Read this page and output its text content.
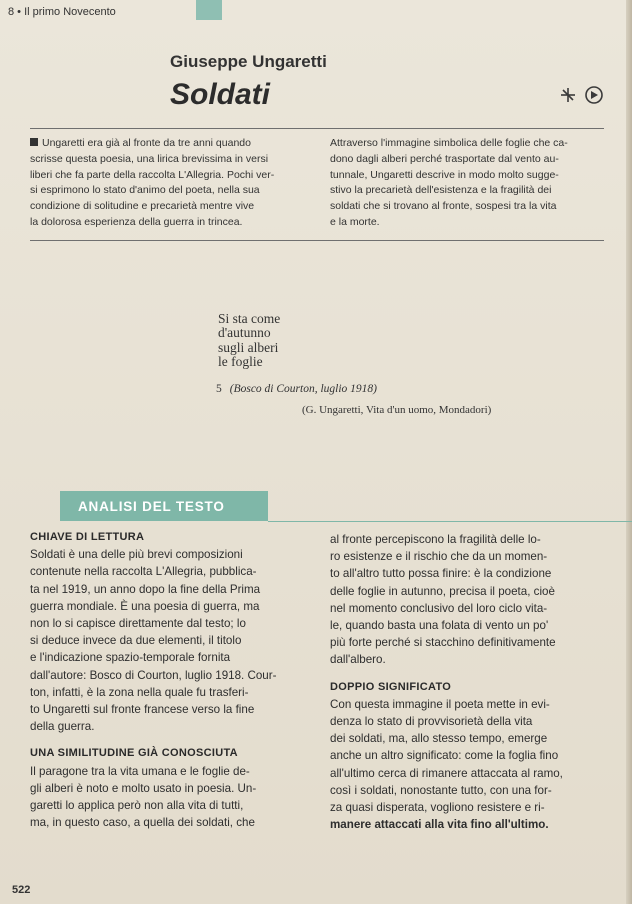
8 • Il primo Novecento
Giuseppe Ungaretti
Soldati
Ungaretti era già al fronte da tre anni quando
scrisse questa poesia, una lirica brevissima in versi
liberi che fa parte della raccolta L'Allegria. Pochi ver-
si esprimono lo stato d'animo del poeta, nella sua
condizione di solitudine e precarietà mentre vive
la dolorosa esperienza della guerra in trincea.
Attraverso l'immagine simbolica delle foglie che ca-
dono dagli alberi perché trasportate dal vento au-
tunnale, Ungaretti descrive in modo molto sugge-
stivo la precarietà dell'esistenza e la fragilità dei
soldati che si trovano al fronte, sospesi tra la vita
e la morte.
Si sta come
d'autunno
sugli alberi
le foglie
5 (Bosco di Courton, luglio 1918)
(G. Ungaretti, Vita d'un uomo, Mondadori)
ANALISI DEL TESTO
CHIAVE DI LETTURA

Soldati è una delle più brevi composizioni

contenute nella raccolta L'Allegria, pubblica-

ta nel 1919, un anno dopo la fine della Prima

guerra mondiale. È una poesia di guerra, ma

non lo si capisce direttamente dal testo; lo

si deduce invece da due elementi, il titolo

e l'indicazione spazio-temporale fornita

dall'autore: Bosco di Courton, luglio 1918. Cour-

ton, infatti, è la zona nella quale fu trasferi-

to Ungaretti sul fronte francese verso la fine

della guerra.

UNA SIMILITUDINE GIÀ CONOSCIUTA

Il paragone tra la vita umana e le foglie de-

gli alberi è noto e molto usato in poesia. Un-

garetti lo applica però non alla vita di tutti,

ma, in questo caso, a quella dei soldati, che

al fronte percepiscono la fragilità delle lo-

ro esistenze e il rischio che da un momen-

to all'altro tutto possa finire: è la condizione

delle foglie in autunno, precisa il poeta, cioè

nel momento conclusivo del loro ciclo vita-

le, quando basta una folata di vento un po'

più forte perché si stacchino definitivamente

dall'albero.

DOPPIO SIGNIFICATO

Con questa immagine il poeta mette in evi-

denza lo stato di provvisorietà della vita

dei soldati, ma, allo stesso tempo, emerge

anche un altro significato: come la foglia fino

all'ultimo cerca di rimanere attaccata al ramo,

così i soldati, nonostante tutto, con una for-

za quasi disperata, vogliono resistere e ri-

manere attaccati alla vita fino all'ultimo.

522
